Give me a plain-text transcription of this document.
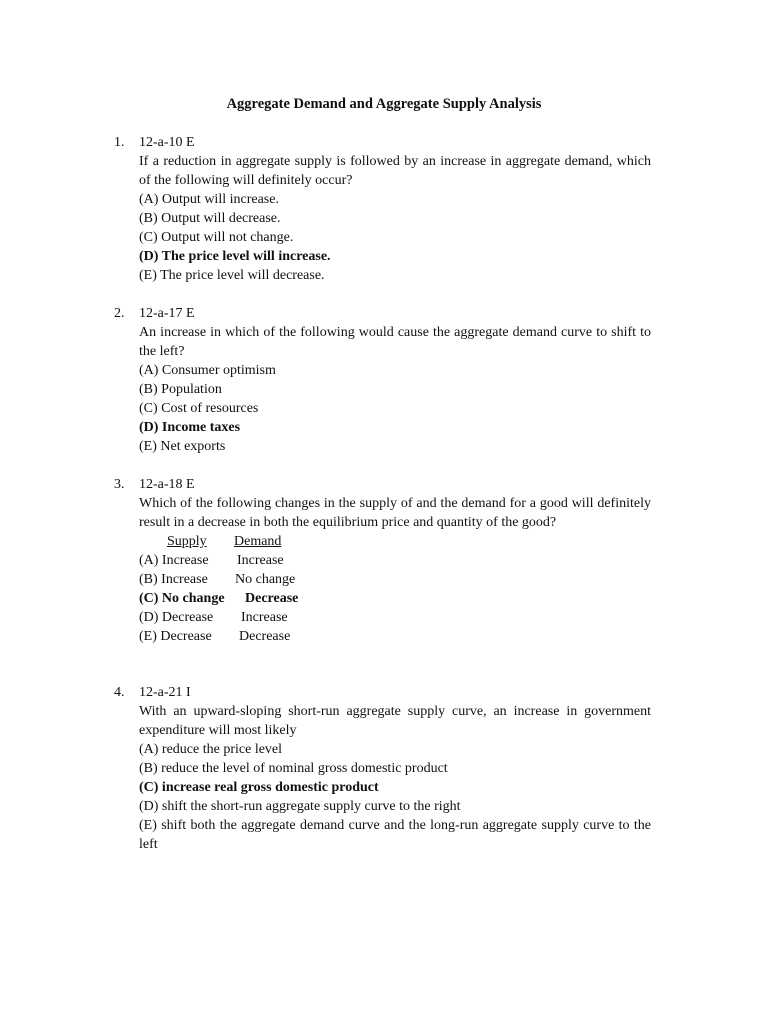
Aggregate Demand and Aggregate Supply Analysis
1. 12-a-10 E
If a reduction in aggregate supply is followed by an increase in aggregate demand, which of the following will definitely occur?
(A) Output will increase.
(B) Output will decrease.
(C) Output will not change.
(D) The price level will increase.
(E) The price level will decrease.
2. 12-a-17 E
An increase in which of the following would cause the aggregate demand curve to shift to the left?
(A) Consumer optimism
(B) Population
(C) Cost of resources
(D) Income taxes
(E) Net exports
3. 12-a-18 E
Which of the following changes in the supply of and the demand for a good will definitely result in a decrease in both the equilibrium price and quantity of the good?
Supply Demand
(A) Increase Increase
(B) Increase No change
(C) No change Decrease
(D) Decrease Increase
(E) Decrease Decrease
4. 12-a-21 I
With an upward-sloping short-run aggregate supply curve, an increase in government expenditure will most likely
(A) reduce the price level
(B) reduce the level of nominal gross domestic product
(C) increase real gross domestic product
(D) shift the short-run aggregate supply curve to the right
(E) shift both the aggregate demand curve and the long-run aggregate supply curve to the left
